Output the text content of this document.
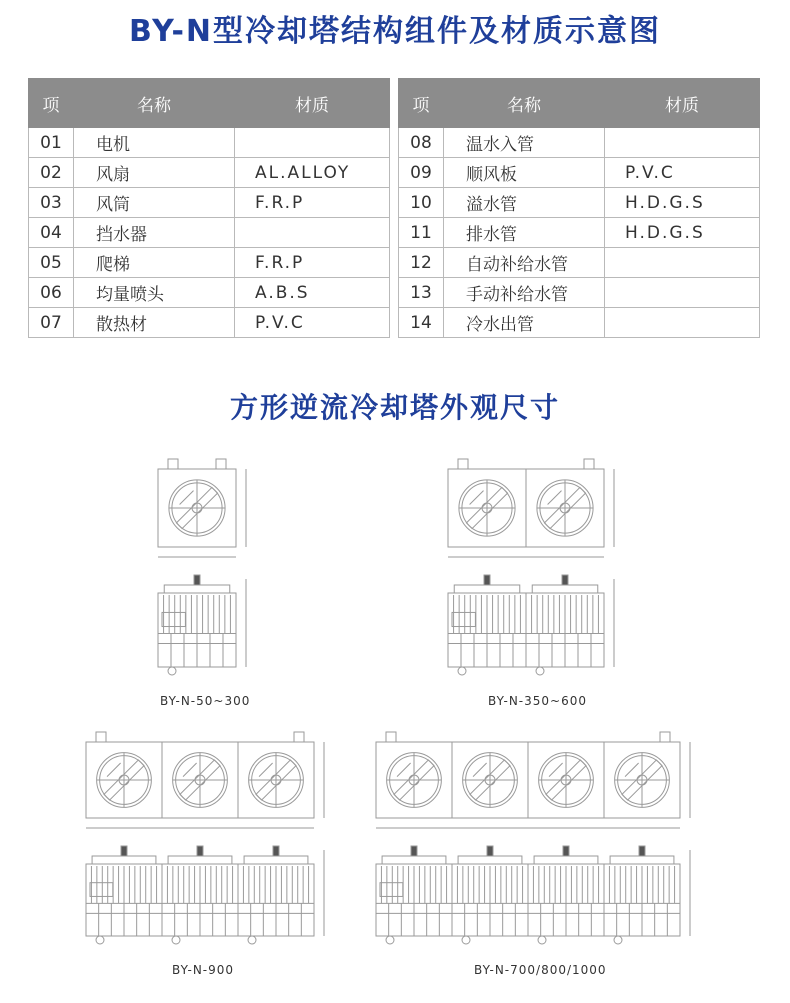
BY-N型冷却塔结构组件及材质示意图
项	名称	材质
01	电机	
02	风扇	AL.ALLOY
03	风筒	F.R.P
04	挡水器	
05	爬梯	F.R.P
06	均量喷头	A.B.S
07	散热材	P.V.C
项	名称	材质
08	温水入管	
09	顺风板	P.V.C
10	溢水管	H.D.G.S
11	排水管	H.D.G.S
12	自动补给水管	
13	手动补给水管	
14	冷水出管	
方形逆流冷却塔外观尺寸
BY-N-50~300	BY-N-350~600
BY-N-900	BY-N-700/800/1000
